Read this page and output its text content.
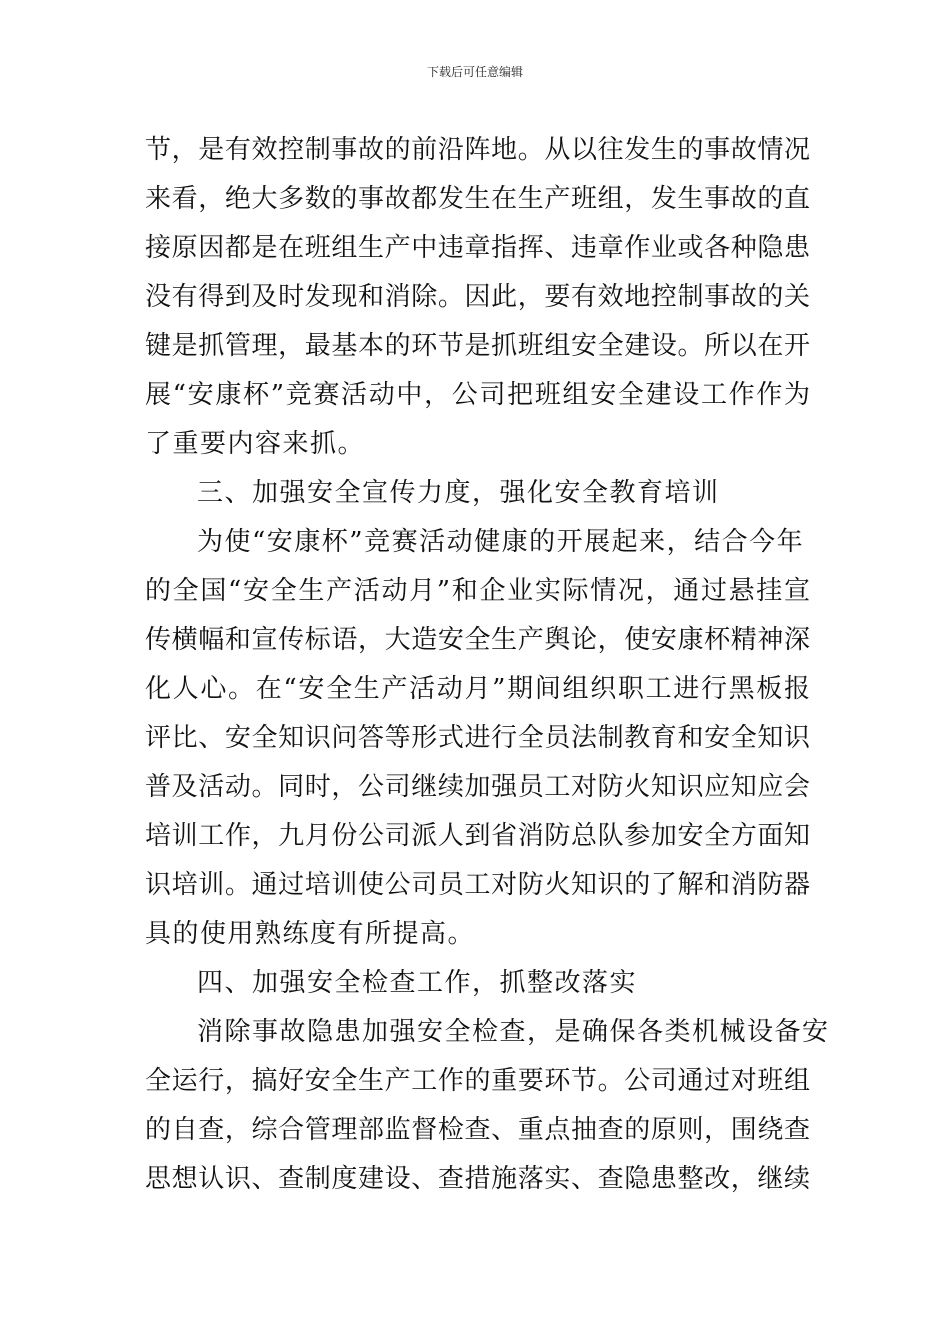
下载后可任意编辑
节，是有效控制事故的前沿阵地。从以往发生的事故情况
来看，绝大多数的事故都发生在生产班组，发生事故的直
接原因都是在班组生产中违章指挥、违章作业或各种隐患
没有得到及时发现和消除。因此，要有效地控制事故的关
键是抓管理，最基本的环节是抓班组安全建设。所以在开
展“安康杯”竞赛活动中，公司把班组安全建设工作作为
了重要内容来抓。
三、加强安全宣传力度，强化安全教育培训
为使“安康杯”竞赛活动健康的开展起来，结合今年
的全国“安全生产活动月”和企业实际情况，通过悬挂宣
传横幅和宣传标语，大造安全生产舆论，使安康杯精神深
化人心。在“安全生产活动月”期间组织职工进行黑板报
评比、安全知识问答等形式进行全员法制教育和安全知识
普及活动。同时，公司继续加强员工对防火知识应知应会
培训工作，九月份公司派人到省消防总队参加安全方面知
识培训。通过培训使公司员工对防火知识的了解和消防器
具的使用熟练度有所提高。
四、加强安全检查工作，抓整改落实
消除事故隐患加强安全检查，是确保各类机械设备安
全运行，搞好安全生产工作的重要环节。公司通过对班组
的自查，综合管理部监督检查、重点抽查的原则，围绕查
思想认识、查制度建设、查措施落实、查隐患整改，继续
